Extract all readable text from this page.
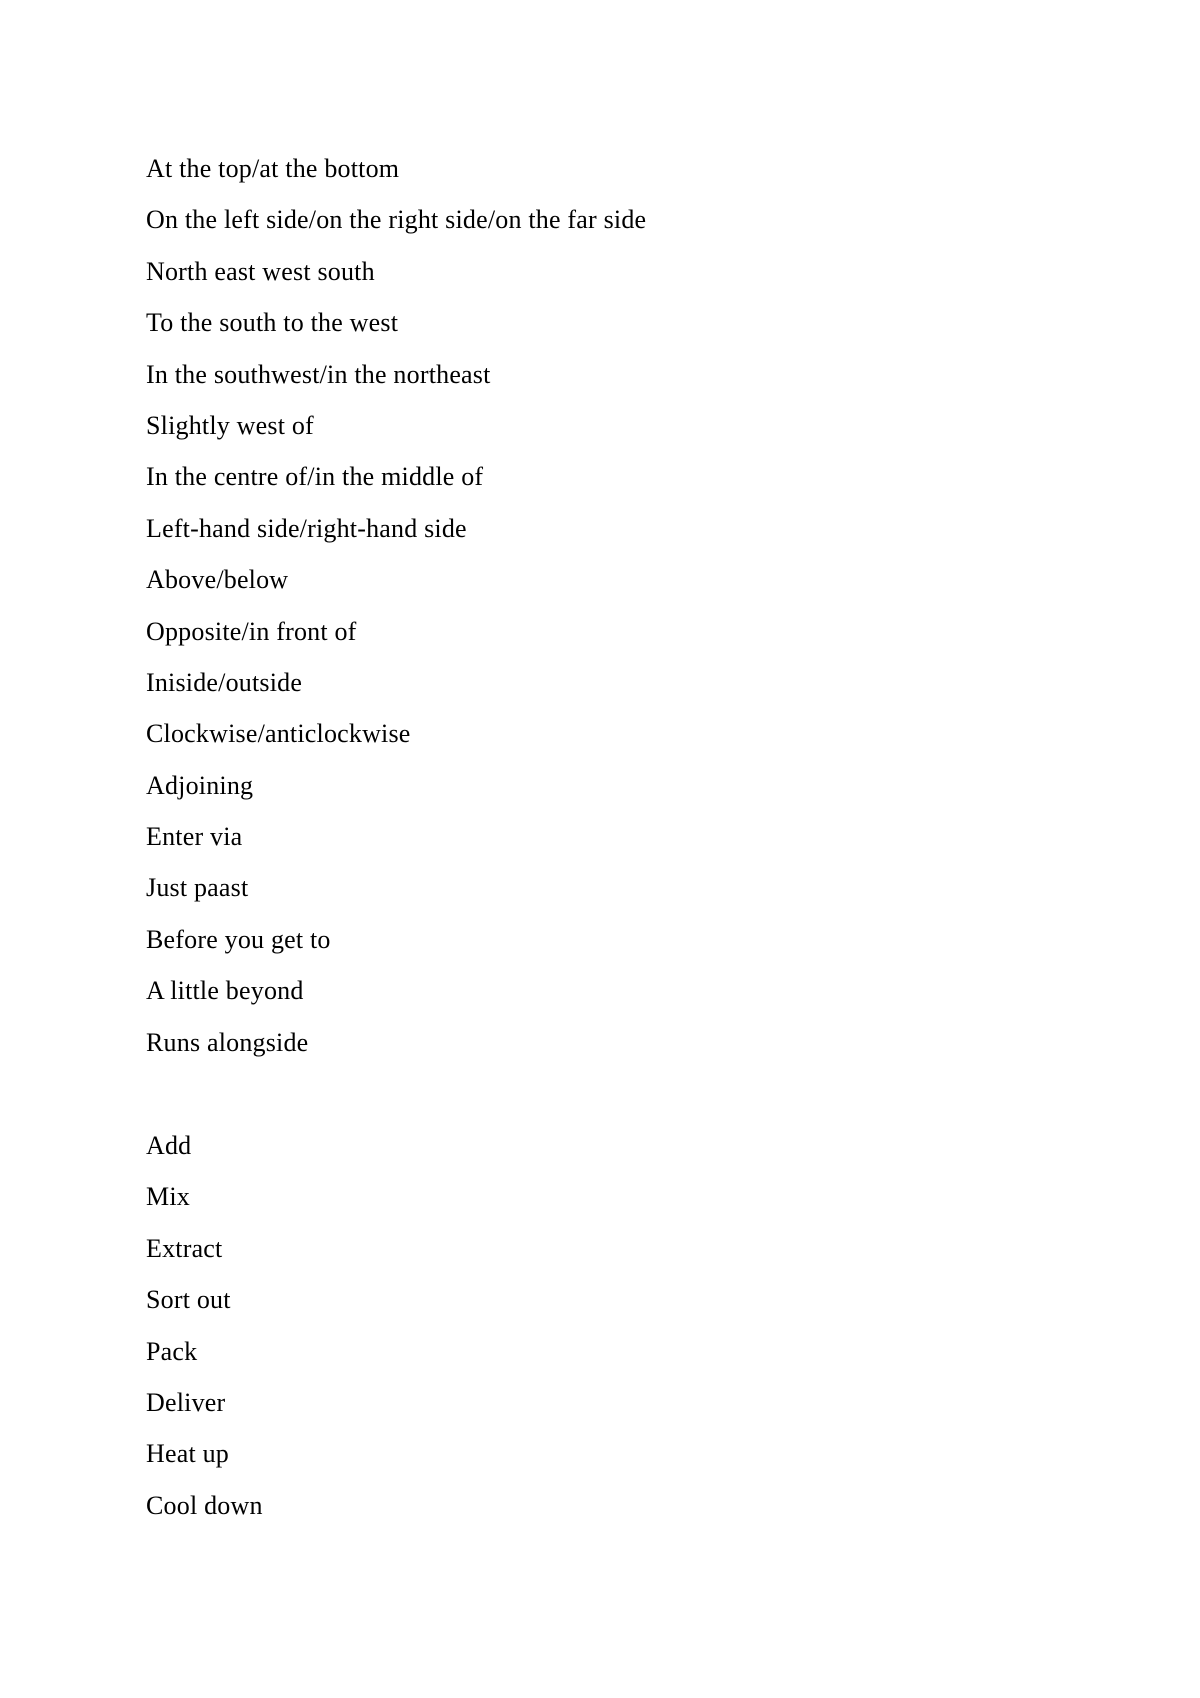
At the top/at the bottom
On the left side/on the right side/on the far side
North east west south
To the south to the west
In the southwest/in the northeast
Slightly west of
In the centre of/in the middle of
Left-hand side/right-hand side
Above/below
Opposite/in front of
Iniside/outside
Clockwise/anticlockwise
Adjoining
Enter via
Just paast
Before you get to
A little beyond
Runs alongside
Add
Mix
Extract
Sort out
Pack
Deliver
Heat up
Cool down
